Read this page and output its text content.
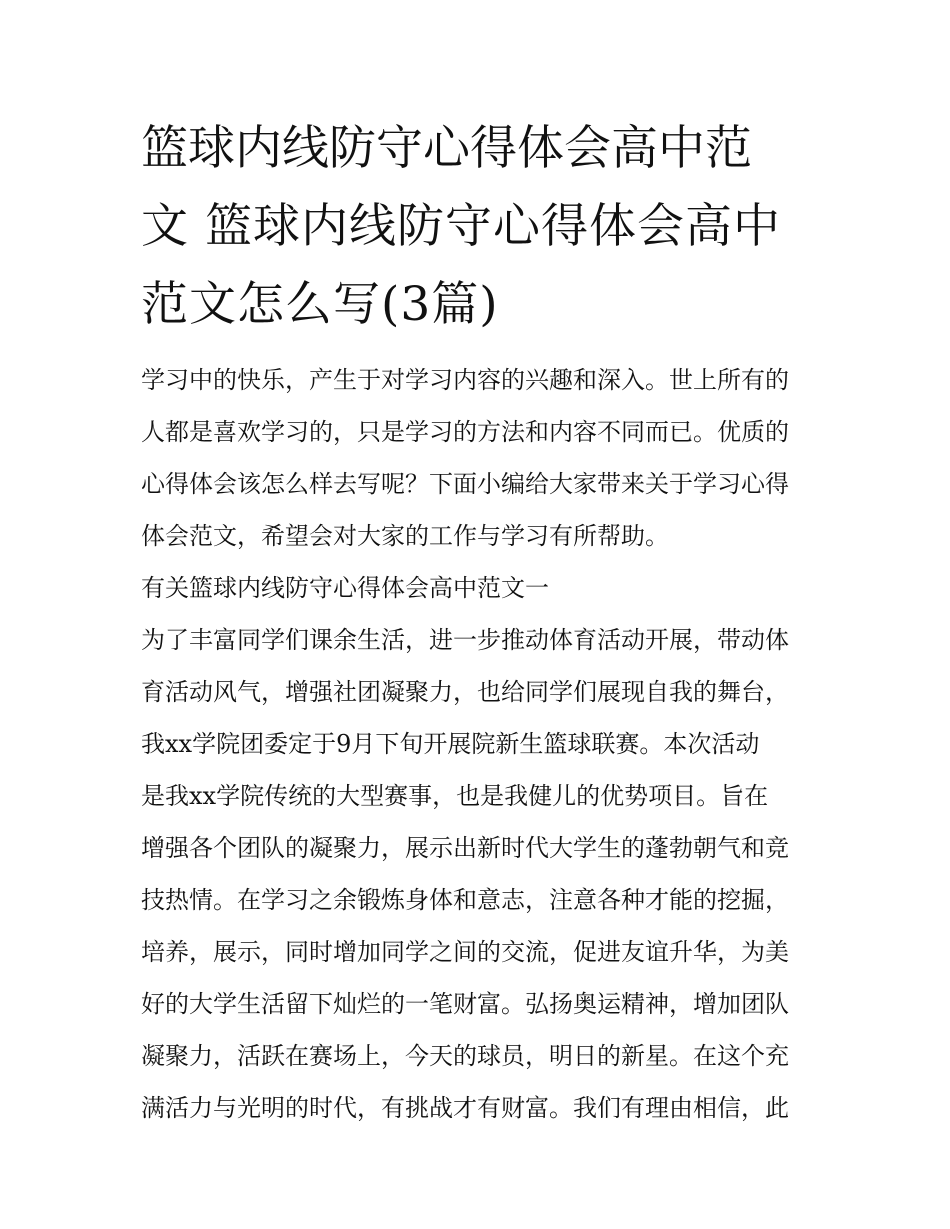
篮球内线防守心得体会高中范
文 篮球内线防守心得体会高中
范文怎么写(3篇)
学习中的快乐，产生于对学习内容的兴趣和深入。世上所有的
人都是喜欢学习的，只是学习的方法和内容不同而已。优质的
心得体会该怎么样去写呢？下面小编给大家带来关于学习心得
体会范文，希望会对大家的工作与学习有所帮助。
有关篮球内线防守心得体会高中范文一
为了丰富同学们课余生活，进一步推动体育活动开展，带动体
育活动风气，增强社团凝聚力，也给同学们展现自我的舞台，
我xx学院团委定于9月下旬开展院新生篮球联赛。本次活动
是我xx学院传统的大型赛事，也是我健儿的优势项目。旨在
增强各个团队的凝聚力，展示出新时代大学生的蓬勃朝气和竞
技热情。在学习之余锻炼身体和意志，注意各种才能的挖掘，
培养，展示，同时增加同学之间的交流，促进友谊升华，为美
好的大学生活留下灿烂的一笔财富。弘扬奥运精神，增加团队
凝聚力，活跃在赛场上，今天的球员，明日的新星。在这个充
满活力与光明的时代，有挑战才有财富。我们有理由相信，此
